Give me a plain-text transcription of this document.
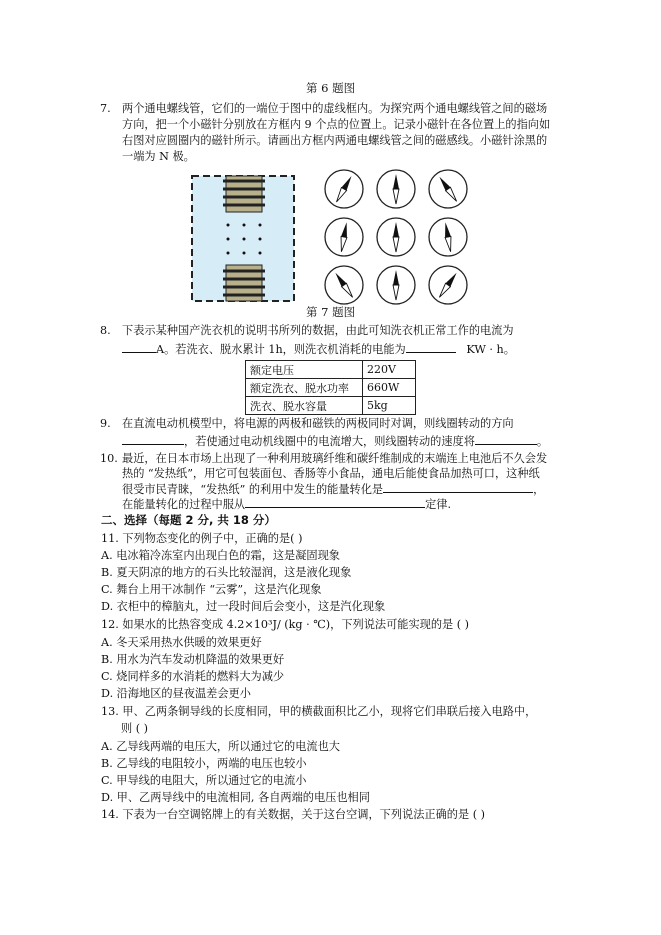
第 6 题图
7. 两个通电螺线管，它们的一端位于图中的虚线框内。为探究两个通电螺线管之间的磁场
方向，把一个小磁针分别放在方框内 9 个点的位置上。记录小磁针在各位置上的指向如
右图对应圆圈内的磁针所示。请画出方框内两通电螺线管之间的磁感线。小磁针涂黑的
一端为 N 极。
第 7 题图
8. 下表示某种国产洗衣机的说明书所列的数据，由此可知洗衣机正常工作的电流为
A。若洗衣、脱水累计 1h，则洗衣机消耗的电能为	KW · h。
额定电压	220V
额定洗衣、脱水功率	660W
洗衣、脱水容量	5kg
9. 在直流电动机模型中，将电源的两极和磁铁的两极同时对调，则线圈转动的方向
，若使通过电动机线圈中的电流增大，则线圈转动的速度将	。
10. 最近，在日本市场上出现了一种利用玻璃纤维和碳纤维制成的末端连上电池后不久会发
热的 “发热纸”，用它可包装面包、香肠等小食品，通电后能使食品加热可口，这种纸
很受市民青睐，“发热纸” 的利用中发生的能量转化是	，
在能量转化的过程中服从	定律.
二、选择（每题 2 分, 共 18 分）
11. 下列物态变化的例子中，正确的是( )
A. 电冰箱冷冻室内出现白色的霜，这是凝固现象
B. 夏天阴凉的地方的石头比较湿润，这是液化现象
C. 舞台上用干冰制作 “云雾”，这是汽化现象
D. 衣柜中的樟脑丸，过一段时间后会变小，这是汽化现象
12. 如果水的比热容变成 4.2×10³J/ (kg · ℃)，下列说法可能实现的是 ( )
A. 冬天采用热水供暖的效果更好
B. 用水为汽车发动机降温的效果更好
C. 烧同样多的水消耗的燃料大为减少
D. 沿海地区的昼夜温差会更小
13. 甲、乙两条铜导线的长度相同，甲的横截面积比乙小，现将它们串联后接入电路中，
则 ( )
A. 乙导线两端的电压大，所以通过它的电流也大
B. 乙导线的电阻较小，两端的电压也较小
C. 甲导线的电阻大，所以通过它的电流小
D. 甲、乙两导线中的电流相同, 各自两端的电压也相同
14. 下表为一台空调铭牌上的有关数据，关于这台空调，下列说法正确的是 ( )
